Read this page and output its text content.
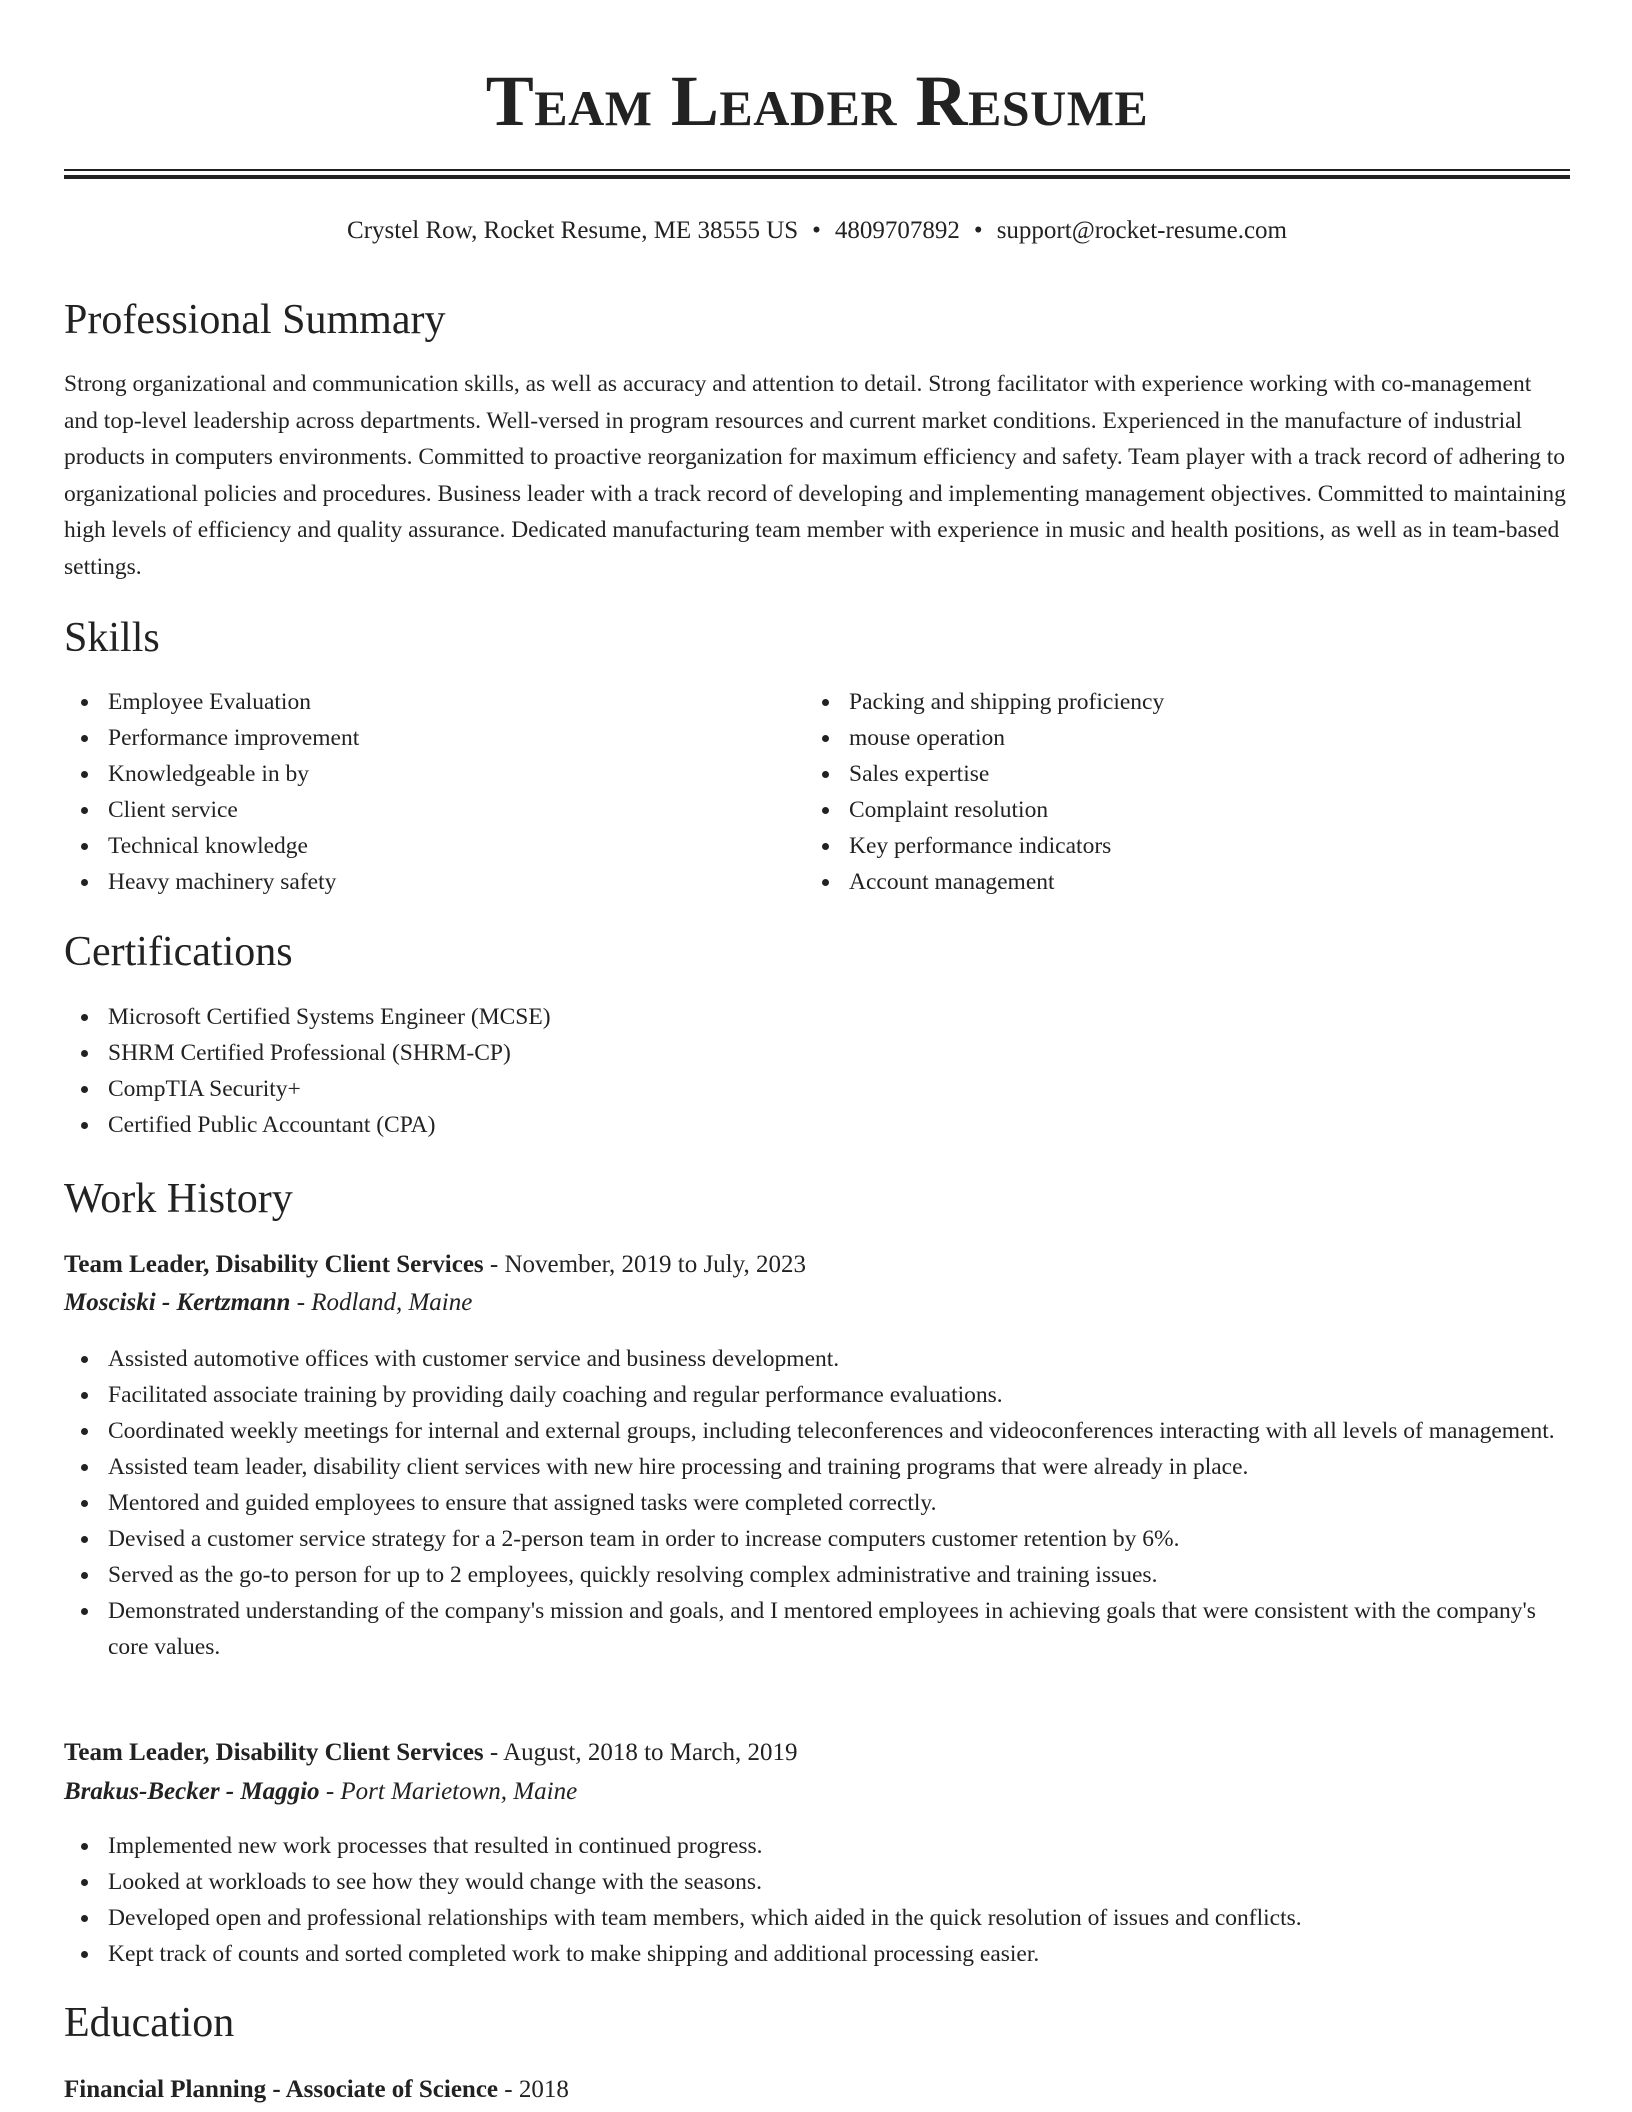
Team Leader Resume
Crystel Row, Rocket Resume, ME 38555 US • 4809707892 • support@rocket-resume.com
Professional Summary

Strong organizational and communication skills, as well as accuracy and attention to detail. Strong facilitator with experience working with co-management and top-level leadership across departments. Well-versed in program resources and current market conditions. Experienced in the manufacture of industrial products in computers environments. Committed to proactive reorganization for maximum efficiency and safety. Team player with a track record of adhering to organizational policies and procedures. Business leader with a track record of developing and implementing management objectives. Committed to maintaining high levels of efficiency and quality assurance. Dedicated manufacturing team member with experience in music and health positions, as well as in team-based settings.

Skills
Employee Evaluation
Performance improvement
Knowledgeable in by
Client service
Technical knowledge
Heavy machinery safety
Packing and shipping proficiency
mouse operation
Sales expertise
Complaint resolution
Key performance indicators
Account management
Certifications
Microsoft Certified Systems Engineer (MCSE)
SHRM Certified Professional (SHRM-CP)
CompTIA Security+
Certified Public Accountant (CPA)
Work History
Team Leader, Disability Client Services - November, 2019 to July, 2023
Mosciski - Kertzmann - Rodland, Maine
Assisted automotive offices with customer service and business development.
Facilitated associate training by providing daily coaching and regular performance evaluations.
Coordinated weekly meetings for internal and external groups, including teleconferences and videoconferences interacting with all levels of management.
Assisted team leader, disability client services with new hire processing and training programs that were already in place.
Mentored and guided employees to ensure that assigned tasks were completed correctly.
Devised a customer service strategy for a 2-person team in order to increase computers customer retention by 6%.
Served as the go-to person for up to 2 employees, quickly resolving complex administrative and training issues.
Demonstrated understanding of the company's mission and goals, and I mentored employees in achieving goals that were consistent with the company's core values.
Team Leader, Disability Client Services - August, 2018 to March, 2019
Brakus-Becker - Maggio - Port Marietown, Maine
Implemented new work processes that resulted in continued progress.
Looked at workloads to see how they would change with the seasons.
Developed open and professional relationships with team members, which aided in the quick resolution of issues and conflicts.
Kept track of counts and sorted completed work to make shipping and additional processing easier.
Education
Financial Planning - Associate of Science - 2018
